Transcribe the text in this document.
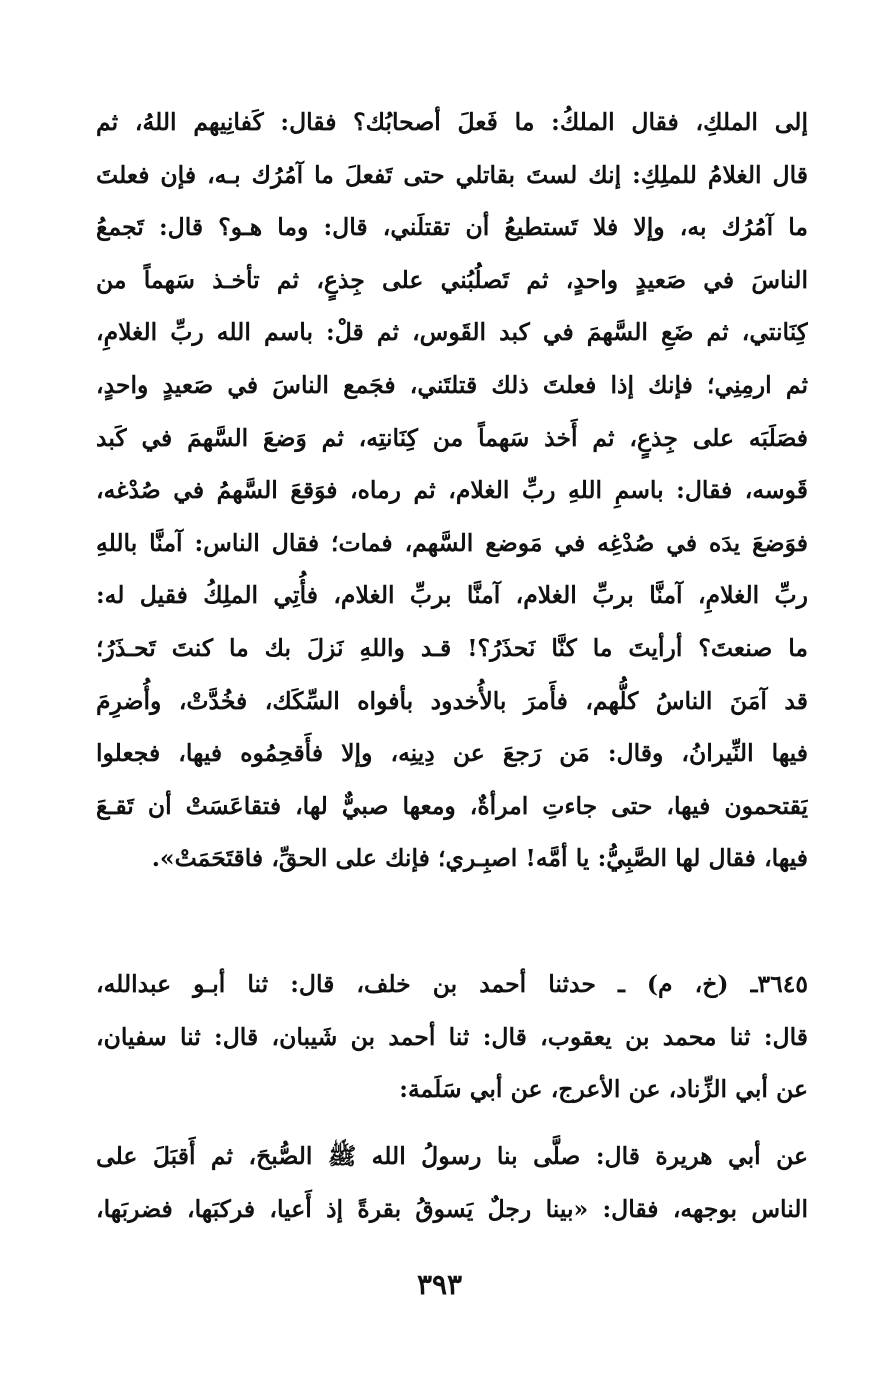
إلى الملكِ، فقال الملكُ: ما فَعلَ أصحابُك؟ فقال: كَفانِيهم اللهُ، ثم
قال الغلامُ للملِكِ: إنك لستَ بقاتلي حتى تَفعلَ ما آمُرُك بـه، فإن فعلتَ
ما آمُرُك به، وإلا فلا تَستطيعُ أن تقتلَني، قال: وما هـو؟ قال: تَجمعُ
الناسَ في صَعيدٍ واحدٍ، ثم تَصلُبُني على جِذعٍ، ثم تأخـذ سَهماً من
كِنَانتي، ثم ضَعِ السَّهمَ في كبد القَوس، ثم قلْ: باسم الله ربِّ الغلامِ،
ثم ارمِنِي؛ فإنك إذا فعلتَ ذلك قتلتَني، فجَمع الناسَ في صَعيدٍ واحدٍ،
فصَلَبَه على جِذعٍ، ثم أَخذ سَهماً من كِنَانتِه، ثم وَضعَ السَّهمَ في كَبد
قَوسه، فقال: باسمِ اللهِ ربِّ الغلام، ثم رماه، فوَقعَ السَّهمُ في صُدْغه،
فوَضعَ يدَه في صُدْغِه في مَوضع السَّهم، فمات؛ فقال الناس: آمنَّا باللهِ
ربِّ الغلامِ، آمنَّا بربِّ الغلام، آمنَّا بربِّ الغلام، فأُتِي الملِكُ فقيل له:
ما صنعتَ؟ أرأيتَ ما كنَّا نَحذَرُ؟! قـد واللهِ نَزلَ بك ما كنتَ تَحـذَرُ؛
قد آمَنَ الناسُ كلُّهم، فأَمرَ بالأُخدود بأفواه السِّكَك، فخُدَّتْ، وأُضرِمَ
فيها النِّيرانُ، وقال: مَن رَجعَ عن دِينِه، وإلا فأَقحِمُوه فيها، فجعلوا
يَقتحمون فيها، حتى جاءتِ امرأةٌ، ومعها صبيٌّ لها، فتقاعَسَتْ أن تَقـعَ
فيها، فقال لها الصَّبِيُّ: يا أمَّه! اصبِـري؛ فإنك على الحقِّ، فاقتَحَمَتْ».
٣٦٤٥ـ (خ، م) ـ حدثنا أحمد بن خلف، قال: ثنا أبـو عبدالله،
قال: ثنا محمد بن يعقوب، قال: ثنا أحمد بن شَيبان، قال: ثنا سفيان،
عن أبي الزِّناد، عن الأعرج، عن أبي سَلَمة:
عن أبي هريرة قال: صلَّى بنا رسولُ الله ﷺ الصُّبحَ، ثم أَقبَلَ على
الناس بوجهه، فقال: «بينا رجلٌ يَسوقُ بقرةً إذ أَعيا، فركبَها، فضربَها،
٣٩٣
